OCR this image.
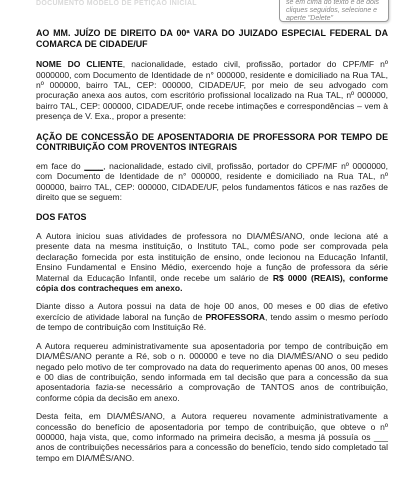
DOCUMENTO MODELO DE PETIÇÃO INICIAL	se em cima do texto e de dois cliques seguidos, selecione e aperte "Delete"

AO MM. JUÍZO DE DIREITO DA 00ª VARA DO JUIZADO ESPECIAL FEDERAL DA COMARCA DE CIDADE/UF

NOME DO CLIENTE, nacionalidade, estado civil, profissão, portador do CPF/MF nº 0000000, com Documento de Identidade de n° 000000, residente e domiciliado na Rua TAL, nº 000000, bairro TAL, CEP: 000000, CIDADE/UF, por meio de seu advogado com procuração anexa aos autos, com escritório profissional localizado na Rua TAL, nº 000000, bairro TAL, CEP: 000000, CIDADE/UF, onde recebe intimações e correspondências – vem à presença de V. Exa., propor a presente:

AÇÃO DE CONCESSÃO DE APOSENTADORIA DE PROFESSORA POR TEMPO DE CONTRIBUIÇÃO COM PROVENTOS INTEGRAIS

em face do ____, nacionalidade, estado civil, profissão, portador do CPF/MF nº 0000000, com Documento de Identidade de n° 000000, residente e domiciliado na Rua TAL, nº 000000, bairro TAL, CEP: 000000, CIDADE/UF, pelos fundamentos fáticos e nas razões de direito que se seguem:

DOS FATOS

A Autora iniciou suas atividades de professora no DIA/MÊS/ANO, onde leciona até a presente data na mesma instituição, o Instituto TAL, como pode ser comprovada pela declaração fornecida por esta instituição de ensino, onde lecionou na Educação Infantil, Ensino Fundamental e Ensino Médio, exercendo hoje a função de professora da série Maternal da Educação Infantil, onde recebe um salário de R$ 0000 (REAIS), conforme cópia dos contracheques em anexo.

Diante disso a Autora possui na data de hoje 00 anos, 00 meses e 00 dias de efetivo exercício de atividade laboral na função de PROFESSORA, tendo assim o mesmo período de tempo de contribuição com Instituição Ré.

A Autora requereu administrativamente sua aposentadoria por tempo de contribuição em DIA/MÊS/ANO perante a Ré, sob o n. 000000 e teve no dia DIA/MÊS/ANO o seu pedido negado pelo motivo de ter comprovado na data do requerimento apenas 00 anos, 00 meses e 00 dias de contribuição, sendo informada em tal decisão que para a concessão da sua aposentadoria fazia-se necessário a comprovação de TANTOS anos de contribuição, conforme cópia da decisão em anexo.

Desta feita, em DIA/MÊS/ANO, a Autora requereu novamente administrativamente a concessão do benefício de aposentadoria por tempo de contribuição, que obteve o nº 000000, haja vista, que, como informado na primeira decisão, a mesma já possuía os ___ anos de contribuições necessários para a concessão do benefício, tendo sido completado tal tempo em DIA/MÊS/ANO.
